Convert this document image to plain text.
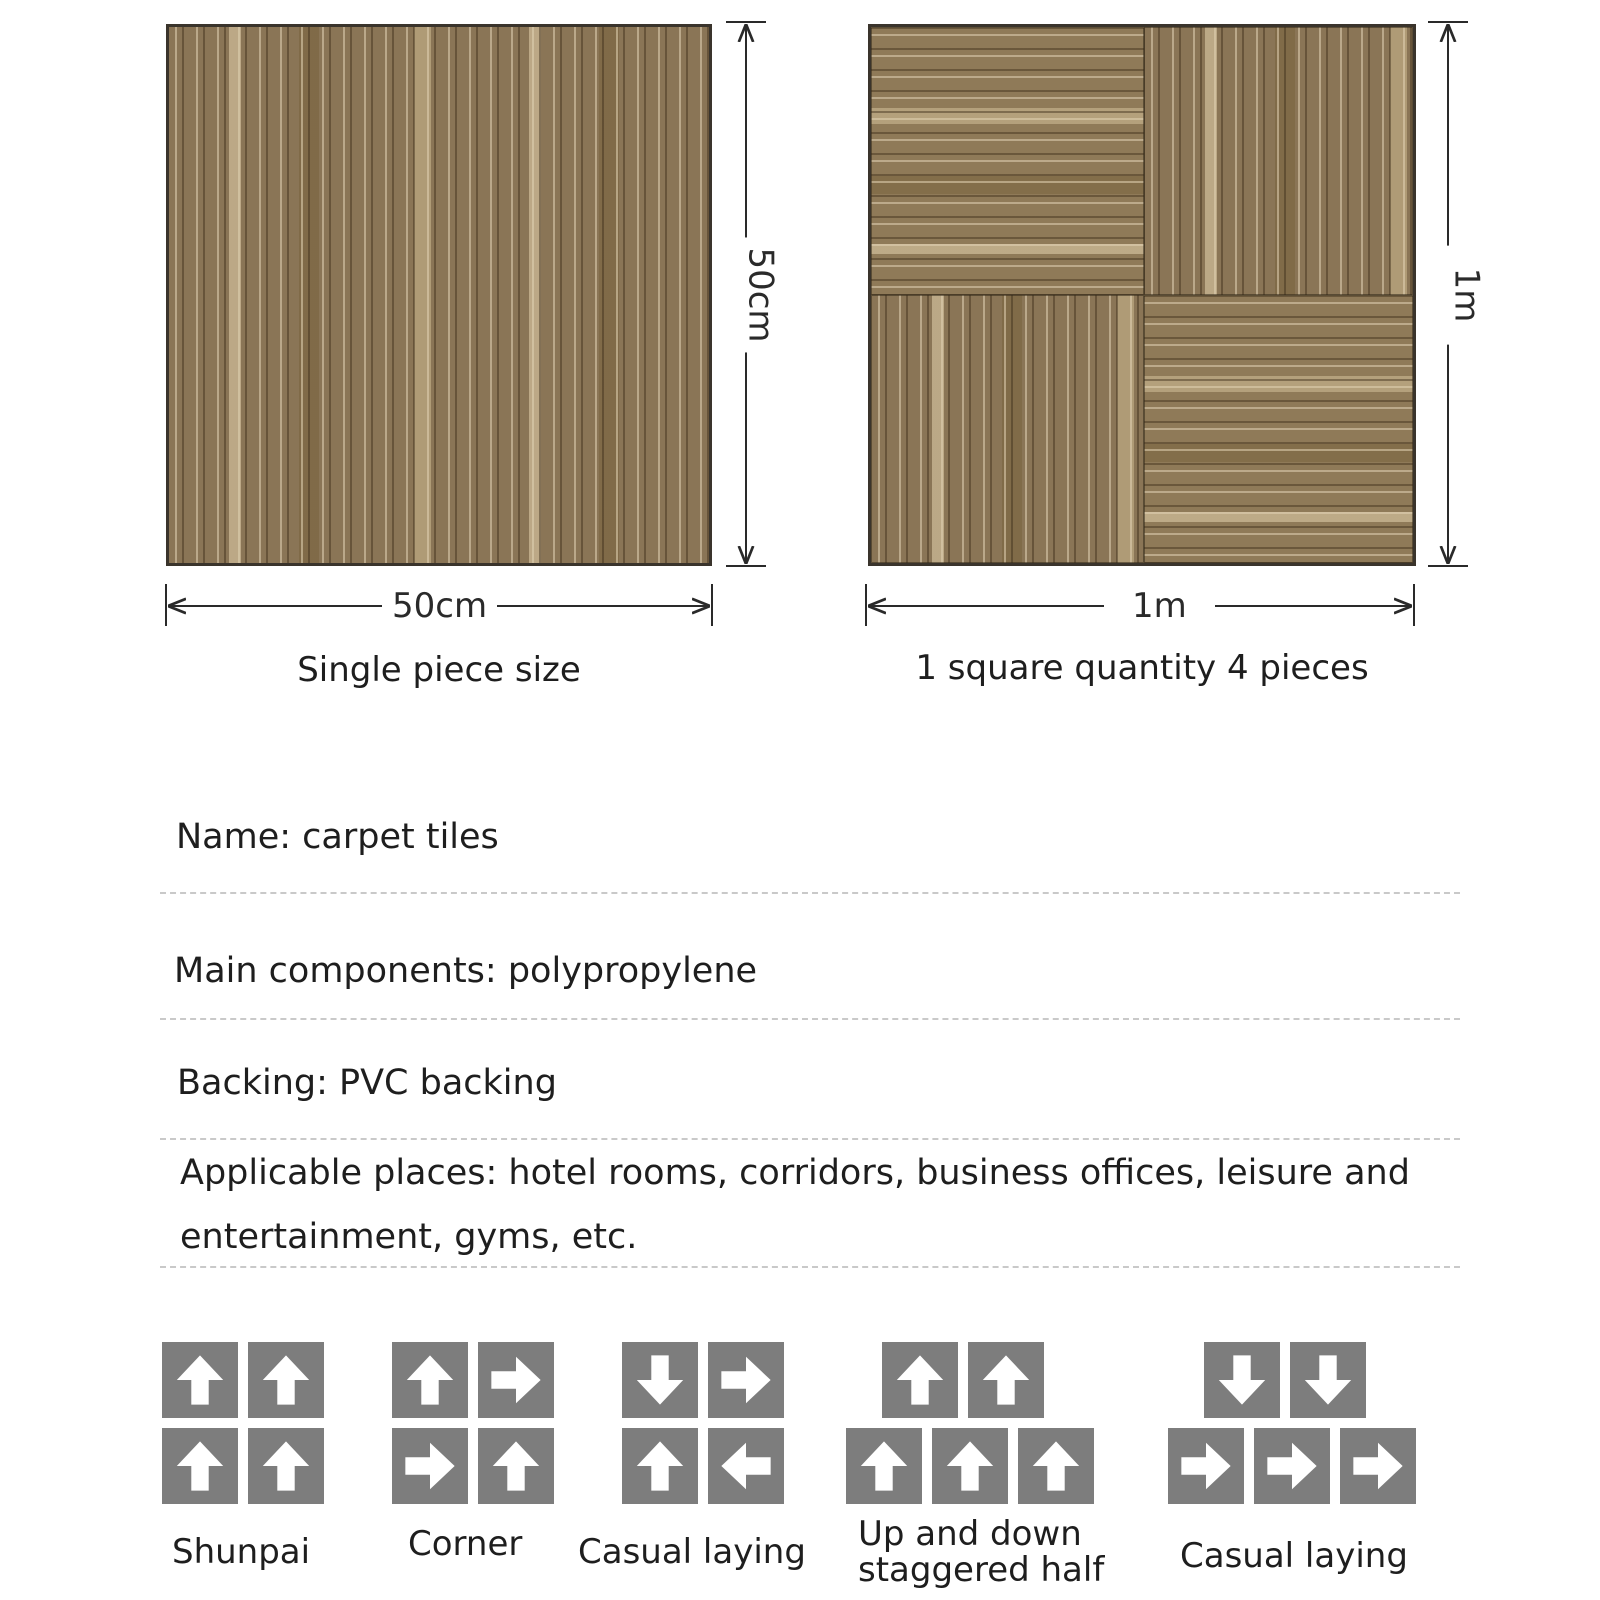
50cm
50cm
1m
1m
Single piece size	1 square quantity 4 pieces
Name: carpet tiles
Main components: polypropylene
Backing: PVC backing
Applicable places: hotel rooms, corridors, business offices, leisure and
entertainment, gyms, etc.
Shunpai	Corner Casual laying Up and down
staggered half Casual laying
